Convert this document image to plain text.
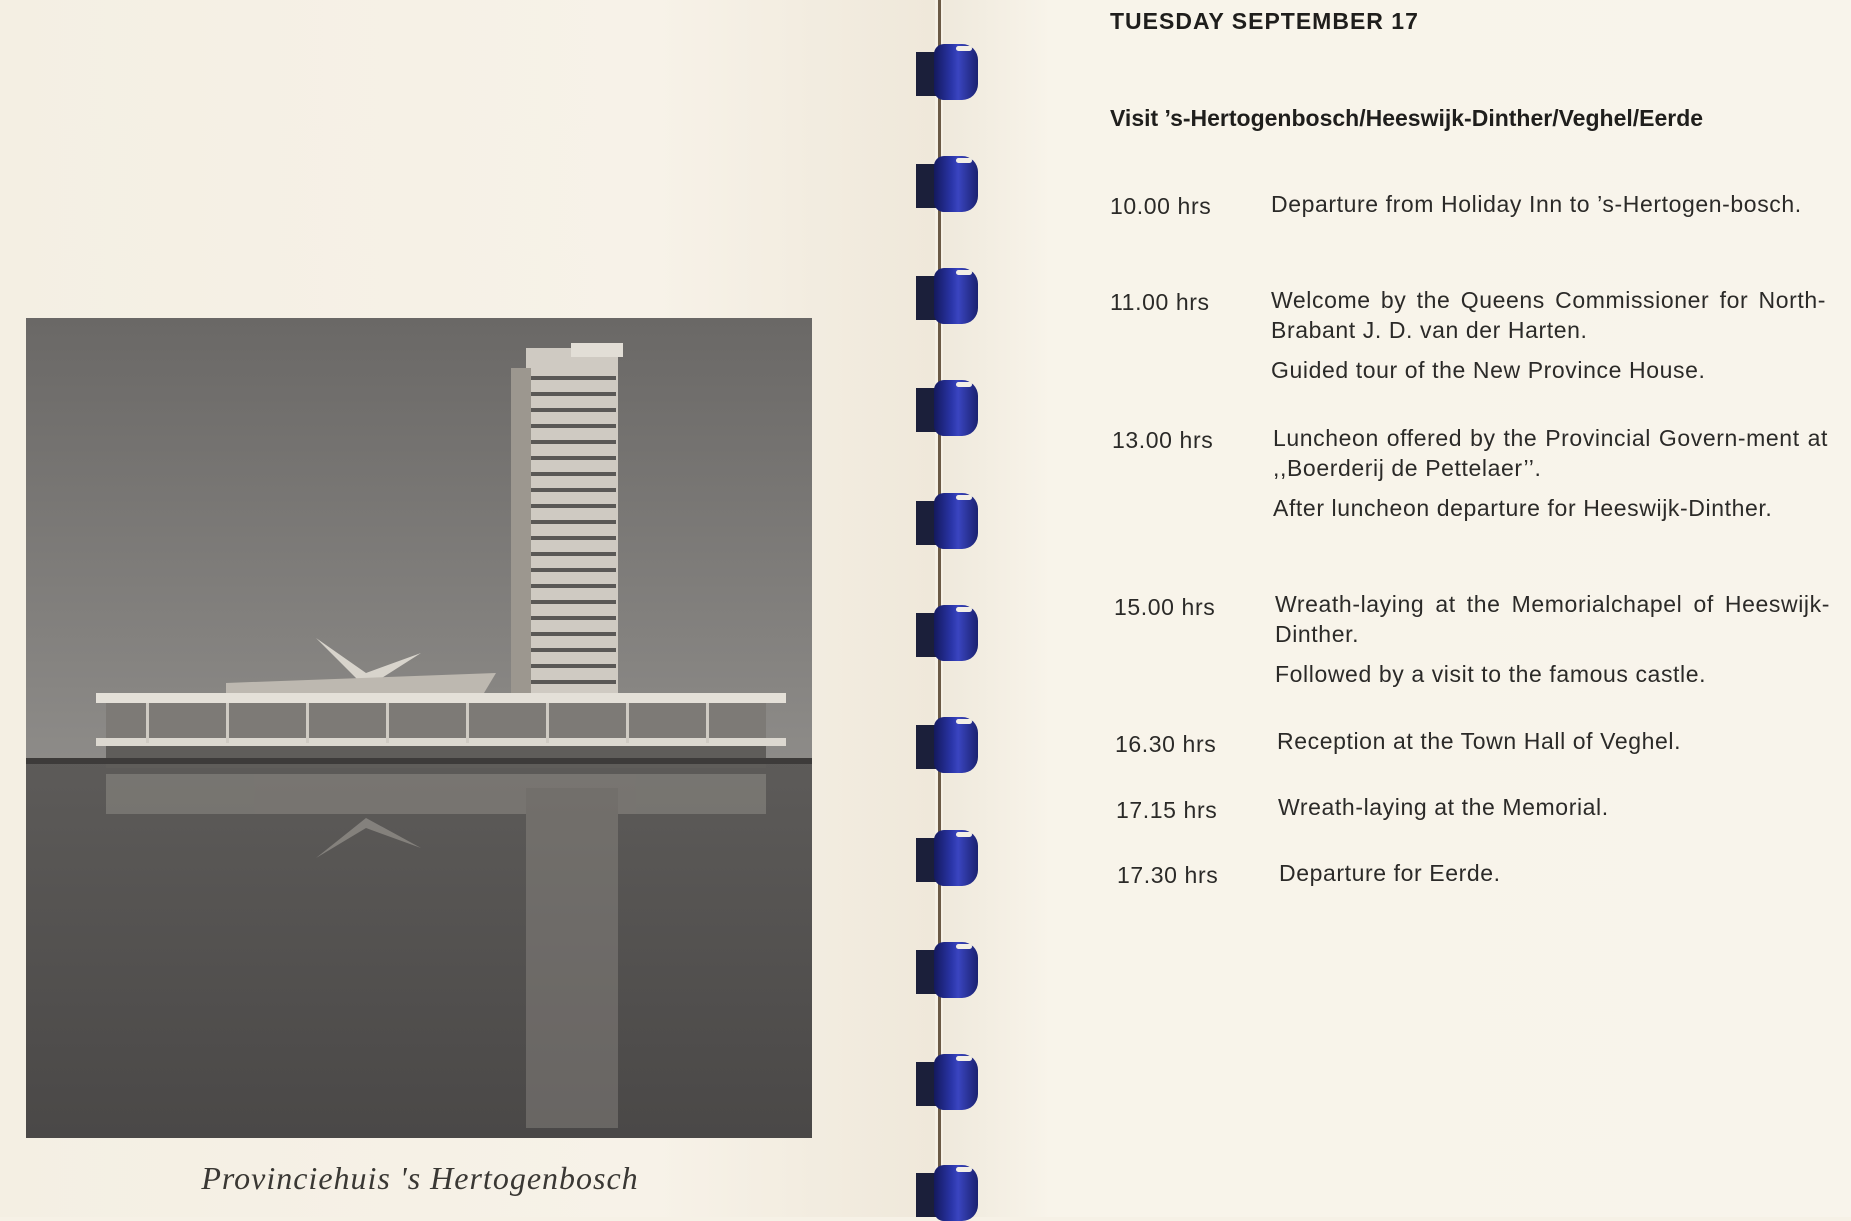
Provinciehuis 's Hertogenbosch
TUESDAY SEPTEMBER 17
Visit ’s-Hertogenbosch/Heeswijk-Dinther/Veghel/Eerde
10.00 hrs	Departure from Holiday Inn to ’s-Hertogen-bosch.

11.00 hrs	Welcome by the Queens Commissioner for North-Brabant J. D. van der Harten.

Guided tour of the New Province House.

13.00 hrs	Luncheon offered by the Provincial Govern-ment at ,,Boerderij de Pettelaer’’.

After luncheon departure for Heeswijk-Dinther.

15.00 hrs	Wreath-laying at the Memorialchapel of Heeswijk-Dinther.

Followed by a visit to the famous castle.

16.30 hrs	Reception at the Town Hall of Veghel.

17.15 hrs	Wreath-laying at the Memorial.

17.30 hrs	Departure for Eerde.
